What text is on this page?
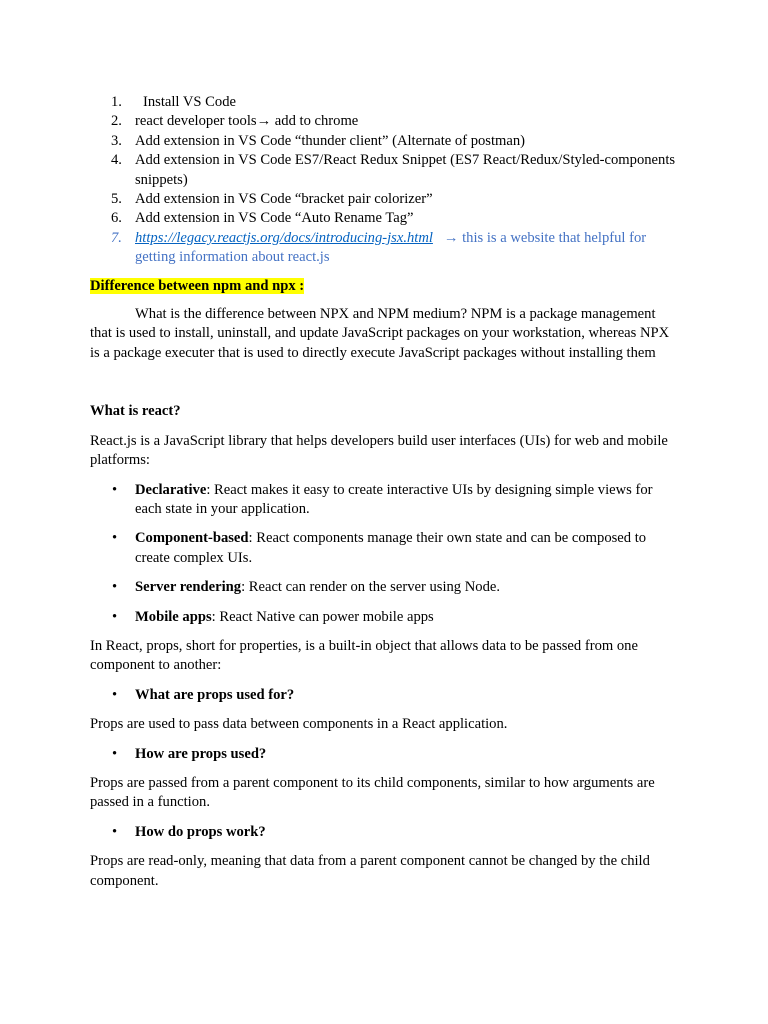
1. Install VS Code
2. react developer tools→ add to chrome
3. Add extension in VS Code “thunder client” (Alternate of postman)
4. Add extension in VS Code ES7/React Redux Snippet (ES7 React/Redux/Styled-components snippets)
5. Add extension in VS Code “bracket pair colorizer”
6. Add extension in VS Code “Auto Rename Tag”
7. https://legacy.reactjs.org/docs/introducing-jsx.html → this is a website that helpful for getting information about react.js

Difference between npm and npx :

What is the difference between NPX and NPM medium? NPM is a package management that is used to install, uninstall, and update JavaScript packages on your workstation, whereas NPX is a package executer that is used to directly execute JavaScript packages without installing them

What is react?

React.js is a JavaScript library that helps developers build user interfaces (UIs) for web and mobile platforms:

• Declarative: React makes it easy to create interactive UIs by designing simple views for each state in your application.
• Component-based: React components manage their own state and can be composed to create complex UIs.
• Server rendering: React can render on the server using Node.
• Mobile apps: React Native can power mobile apps

In React, props, short for properties, is a built-in object that allows data to be passed from one component to another:

• What are props used for?

Props are used to pass data between components in a React application.

• How are props used?

Props are passed from a parent component to its child components, similar to how arguments are passed in a function.

• How do props work?

Props are read-only, meaning that data from a parent component cannot be changed by the child component.
